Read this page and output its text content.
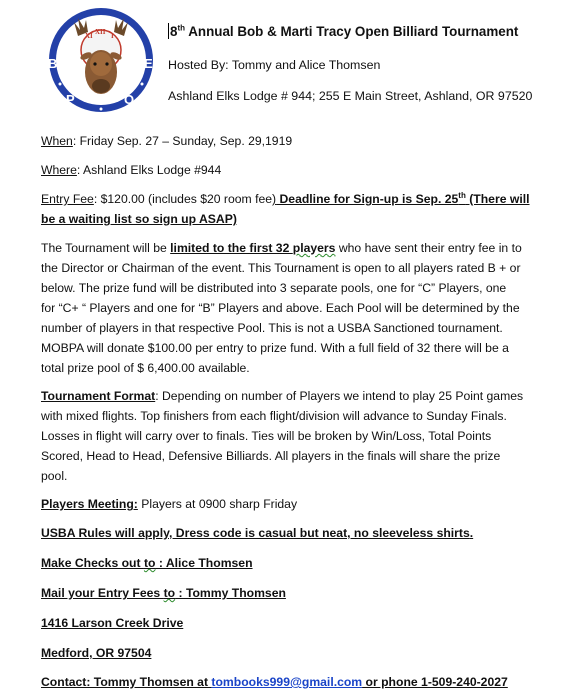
XI XII I
B
P	O
E
8th Annual Bob & Marti Tracy Open Billiard Tournament
Hosted By: Tommy and Alice Thomsen
Ashland Elks Lodge # 944; 255 E Main Street, Ashland, OR 97520
When: Friday Sep. 27 – Sunday, Sep. 29,1919
Where: Ashland Elks Lodge #944
Entry Fee: $120.00 (includes $20 room fee) Deadline for Sign-up is Sep. 25th (There will
be a waiting list so sign up ASAP)
The Tournament will be limited to the first 32 players who have sent their entry fee in to
the Director or Chairman of the event. This Tournament is open to all players rated B + or
below. The prize fund will be distributed into 3 separate pools, one for “C” Players, one
for “C+ “ Players and one for “B” Players and above. Each Pool will be determined by the
number of players in that respective Pool. This is not a USBA Sanctioned tournament.
MOBPA will donate $100.00 per entry to prize fund. With a full field of 32 there will be a
total prize pool of $ 6,400.00 available.
Tournament Format: Depending on number of Players we intend to play 25 Point games
with mixed flights. Top finishers from each flight/division will advance to Sunday Finals.
Losses in flight will carry over to finals. Ties will be broken by Win/Loss, Total Points
Scored, Head to Head, Defensive Billiards. All players in the finals will share the prize
pool.
Players Meeting: Players at 0900 sharp Friday
USBA Rules will apply, Dress code is casual but neat, no sleeveless shirts.
Make Checks out to : Alice Thomsen
Mail your Entry Fees to : Tommy Thomsen
1416 Larson Creek Drive
Medford, OR 97504
Contact: Tommy Thomsen at tombooks999@gmail.com or phone 1-509-240-2027
